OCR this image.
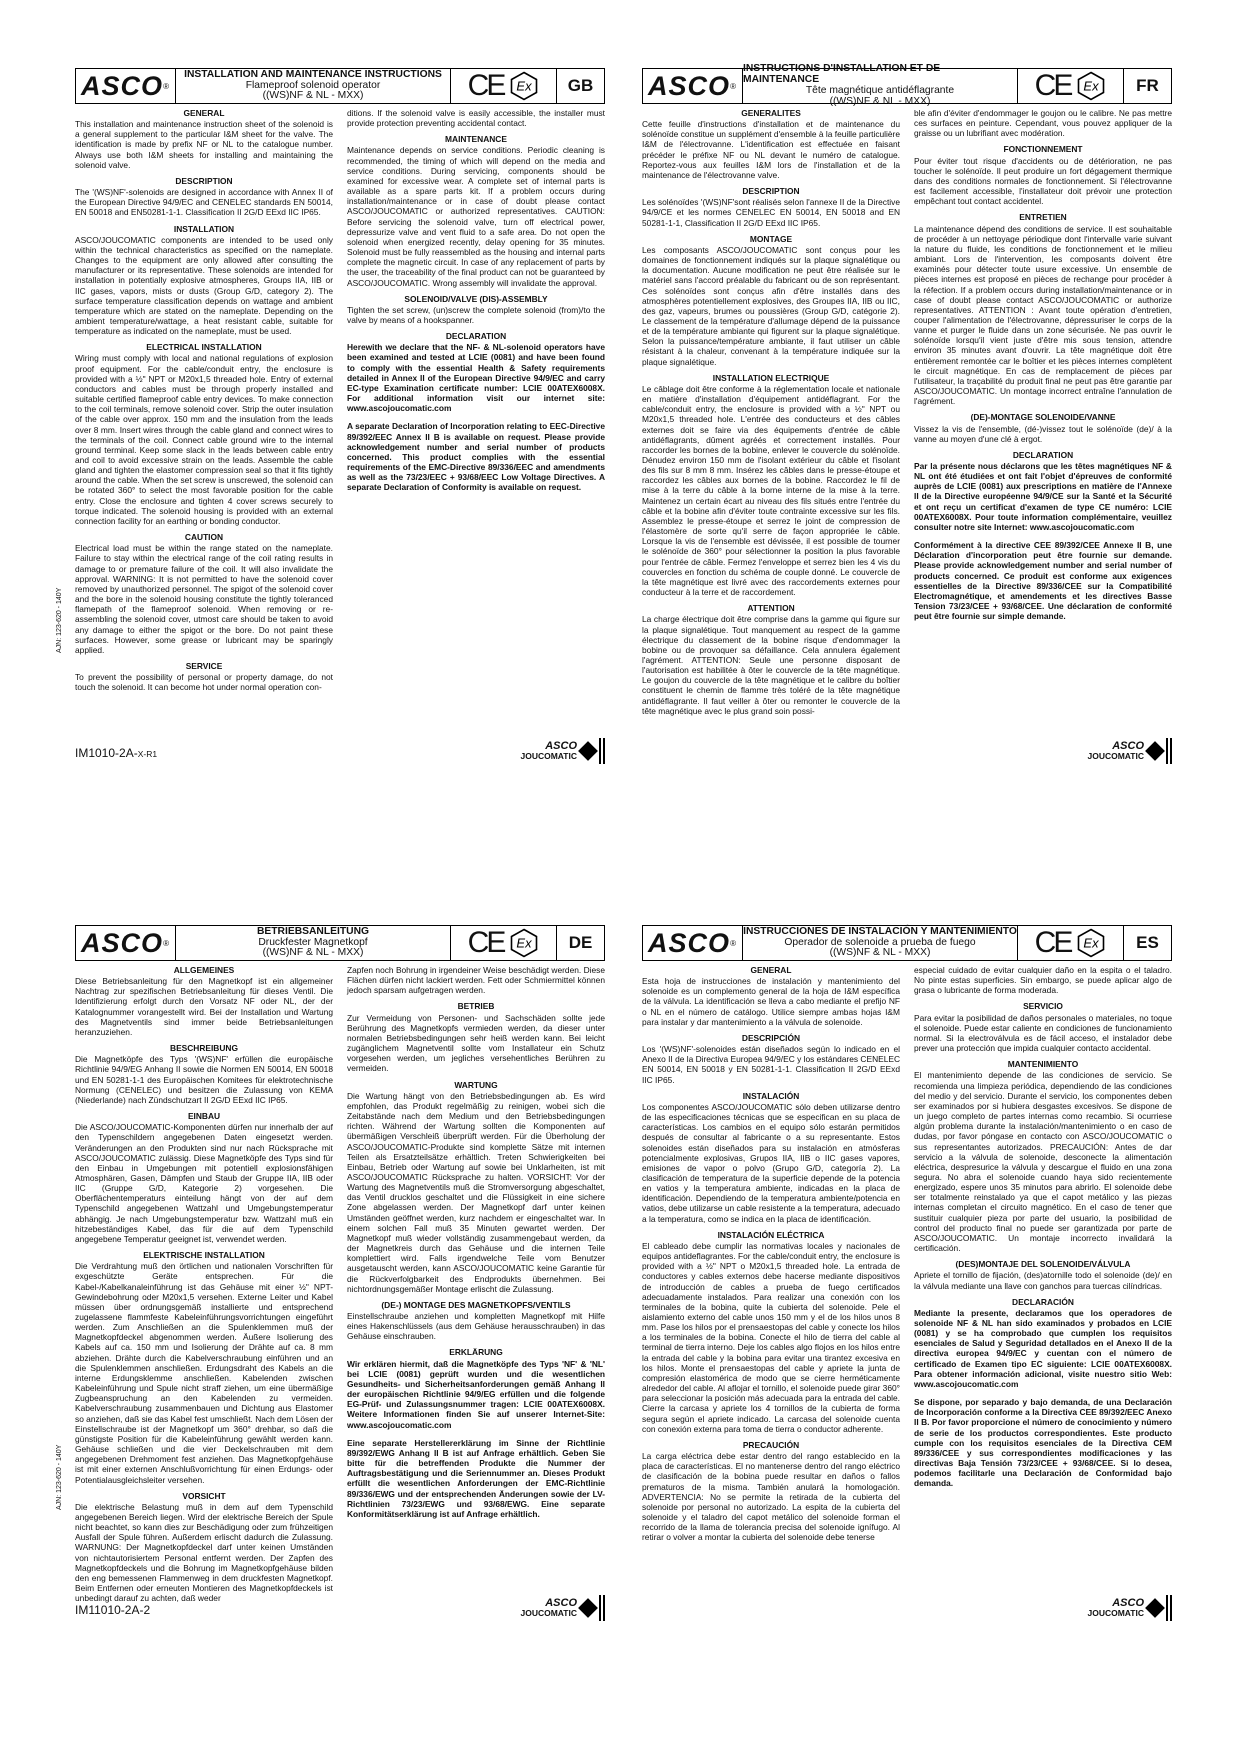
ASCO ®
INSTALLATION AND MAINTENANCE INSTRUCTIONS
Flameproof solenoid operator
((WS)NF & NL - MXX)	CE Ex	GB
GENERAL

This installation and maintenance instruction sheet of the solenoid is a general supplement to the particular I&M sheet for the valve. The identification is made by prefix NF or NL to the catalogue number. Always use both I&M sheets for installing and maintaining the solenoid valve.

DESCRIPTION

The '(WS)NF'-solenoids are designed in accordance with Annex II of the European Directive 94/9/EC and CENELEC standards EN 50014, EN 50018 and EN50281-1-1. Classification II 2G/D EExd IIC IP65.

INSTALLATION

ASCO/JOUCOMATIC components are intended to be used only within the technical characteristics as specified on the nameplate. Changes to the equipment are only allowed after consulting the manufacturer or its representative. These solenoids are intended for installation in potentially explosive atmospheres, Groups IIA, IIB or IIC gases, vapors, mists or dusts (Group G/D, category 2). The surface temperature classification depends on wattage and ambient temperature which are stated on the nameplate. Depending on the ambient temperature/wattage, a heat resistant cable, suitable for temperature as indicated on the nameplate, must be used.

ELECTRICAL INSTALLATION

Wiring must comply with local and national regulations of explosion proof equipment. For the cable/conduit entry, the enclosure is provided with a ½" NPT or M20x1,5 threaded hole. Entry of external conductors and cables must be through properly installed and suitable certified flameproof cable entry devices. To make connection to the coil terminals, remove solenoid cover. Strip the outer insulation of the cable over approx. 150 mm and the insulation from the leads over 8 mm. Insert wires through the cable gland and connect wires to the terminals of the coil. Connect cable ground wire to the internal ground terminal. Keep some slack in the leads between cable entry and coil to avoid excessive strain on the leads. Assemble the cable gland and tighten the elastomer compression seal so that it fits tightly around the cable. When the set screw is unscrewed, the solenoid can be rotated 360° to select the most favorable position for the cable entry. Close the enclosure and tighten 4 cover screws securely to torque indicated. The solenoid housing is provided with an external connection facility for an earthing or bonding conductor.

CAUTION

Electrical load must be within the range stated on the nameplate. Failure to stay within the electrical range of the coil rating results in damage to or premature failure of the coil. It will also invalidate the approval. WARNING: It is not permitted to have the solenoid cover removed by unauthorized personnel. The spigot of the solenoid cover and the bore in the solenoid housing constitute the tightly toleranced flamepath of the flameproof solenoid. When removing or re-assembling the solenoid cover, utmost care should be taken to avoid any damage to either the spigot or the bore. Do not paint these surfaces. However, some grease or lubricant may be sparingly applied.

SERVICE

To prevent the possibility of personal or property damage, do not touch the solenoid. It can become hot under normal operation con-

ditions. If the solenoid valve is easily accessible, the installer must provide protection preventing accidental contact.

MAINTENANCE

Maintenance depends on service conditions. Periodic cleaning is recommended, the timing of which will depend on the media and service conditions. During servicing, components should be examined for excessive wear. A complete set of internal parts is available as a spare parts kit. If a problem occurs during installation/maintenance or in case of doubt please contact ASCO/JOUCOMATIC or authorized representatives. CAUTION: Before servicing the solenoid valve, turn off electrical power, depressurize valve and vent fluid to a safe area. Do not open the solenoid when energized recently, delay opening for 35 minutes. Solenoid must be fully reassembled as the housing and internal parts complete the magnetic circuit. In case of any replacement of parts by the user, the traceability of the final product can not be guaranteed by ASCO/JOUCOMATIC. Wrong assembly will invalidate the approval.

SOLENOID/VALVE (DIS)-ASSEMBLY

Tighten the set screw, (un)screw the complete solenoid (from)/to the valve by means of a hookspanner.

DECLARATION

Herewith we declare that the NF- & NL-solenoid operators have been examined and tested at LCIE (0081) and have been found to comply with the essential Health & Safety requirements detailed in Annex II of the European Directive 94/9/EC and carry EC-type Examination certificate number: LCIE 00ATEX6008X. For additional information visit our internet site: www.ascojoucomatic.com

A separate Declaration of Incorporation relating to EEC-Directive 89/392/EEC Annex II B is available on request. Please provide acknowledgement number and serial number of products concerned. This product complies with the essential requirements of the EMC-Directive 89/336/EEC and amendments as well as the 73/23/EEC + 93/68/EEC Low Voltage Directives. A separate Declaration of Conformity is available on request.

AJN: 123-620 - 140Y
IM1010-2A-X-R1
ASCO
JOUCOMATIC
ASCO ®
INSTRUCTIONS D'INSTALLATION ET DE MAINTENANCE
Tête magnétique antidéflagrante
((WS)NF & NL - MXX)	CE Ex	FR
GENERALITES

Cette feuille d'instructions d'installation et de maintenance du solénoïde constitue un supplément d'ensemble à la feuille particulière I&M de l'électrovanne. L'identification est effectuée en faisant précéder le préfixe NF ou NL devant le numéro de catalogue. Reportez-vous aux feuilles I&M lors de l'installation et de la maintenance de l'électrovanne valve.

DESCRIPTION

Les solénoïdes '(WS)NF'sont réalisés selon l'annexe II de la Directive 94/9/CE et les normes CENELEC EN 50014, EN 50018 and EN 50281-1-1, Classification II 2G/D EExd IIC IP65.

MONTAGE

Les composants ASCO/JOUCOMATIC sont conçus pour les domaines de fonctionnement indiqués sur la plaque signalétique ou la documentation. Aucune modification ne peut être réalisée sur le matériel sans l'accord préalable du fabricant ou de son représentant. Ces solénoïdes sont conçus afin d'être installés dans des atmosphères potentiellement explosives, des Groupes IIA, IIB ou IIC, des gaz, vapeurs, brumes ou poussières (Group G/D, catégorie 2). Le classement de la température d'allumage dépend de la puissance et de la température ambiante qui figurent sur la plaque signalétique. Selon la puissance/température ambiante, il faut utiliser un câble résistant à la chaleur, convenant à la température indiquée sur la plaque signalétique.

INSTALLATION ELECTRIQUE

Le câblage doit être conforme à la réglementation locale et nationale en matière d'installation d'équipement antidéflagrant. For the cable/conduit entry, the enclosure is provided with a ½" NPT ou M20x1,5 threaded hole. L'entrée des conducteurs et des câbles externes doit se faire via des équipements d'entrée de câble antidéflagrants, dûment agréés et correctement installés. Pour raccorder les bornes de la bobine, enlever le couvercle du solénoïde. Dénudez environ 150 mm de l'isolant extérieur du câble et l'isolant des fils sur 8 mm 8 mm. Insérez les câbles dans le presse-étoupe et raccordez les câbles aux bornes de la bobine. Raccordez le fil de mise à la terre du câble à la borne interne de la mise à la terre. Maintenez un certain écart au niveau des fils situés entre l'entrée du câble et la bobine afin d'éviter toute contrainte excessive sur les fils. Assemblez le presse-étoupe et serrez le joint de compression de l'élastomère de sorte qu'il serre de façon appropriée le câble. Lorsque la vis de l'ensemble est dévissée, il est possible de tourner le solénoïde de 360° pour sélectionner la position la plus favorable pour l'entrée de câble. Fermez l'enveloppe et serrez bien les 4 vis du couvercles en fonction du schéma de couple donné. Le couvercle de la tête magnétique est livré avec des raccordements externes pour conducteur à la terre et de raccordement.

ATTENTION

La charge électrique doit être comprise dans la gamme qui figure sur la plaque signalétique. Tout manquement au respect de la gamme électrique du classement de la bobine risque d'endommager la bobine ou de provoquer sa défaillance. Cela annulera également l'agrément. ATTENTION: Seule une personne disposant de l'autorisation est habilitée à ôter le couvercle de la tête magnétique. Le goujon du couvercle de la tête magnétique et le calibre du boîtier constituent le chemin de flamme très toléré de la tête magnétique antidéflagrante. Il faut veiller à ôter ou remonter le couvercle de la tête magnétique avec le plus grand soin possi-

ble afin d'éviter d'endommager le goujon ou le calibre. Ne pas mettre ces surfaces en peinture. Cependant, vous pouvez appliquer de la graisse ou un lubrifiant avec modération.

FONCTIONNEMENT

Pour éviter tout risque d'accidents ou de détérioration, ne pas toucher le solénoïde. Il peut produire un fort dégagement thermique dans des conditions normales de fonctionnement. Si l'électrovanne est facilement accessible, l'installateur doit prévoir une protection empêchant tout contact accidentel.

ENTRETIEN

La maintenance dépend des conditions de service. Il est souhaitable de procéder à un nettoyage périodique dont l'intervalle varie suivant la nature du fluide, les conditions de fonctionnement et le milieu ambiant. Lors de l'intervention, les composants doivent être examinés pour détecter toute usure excessive. Un ensemble de pièces internes est proposé en pièces de rechange pour procéder à la réfection. If a problem occurs during installation/maintenance or in case of doubt please contact ASCO/JOUCOMATIC or authorize representatives. ATTENTION : Avant toute opération d'entretien, couper l'alimentation de l'électrovanne, dépressuriser le corps de la vanne et purger le fluide dans un zone sécurisée. Ne pas ouvrir le solénoïde lorsqu'il vient juste d'être mis sous tension, attendre environ 35 minutes avant d'ouvrir. La tête magnétique doit être entièrement remontée car le boîtier et les pièces internes complètent le circuit magnétique. En cas de remplacement de pièces par l'utilisateur, la traçabilité du produit final ne peut pas être garantie par ASCO/JOUCOMATIC. Un montage incorrect entraîne l'annulation de l'agrément.

(DE)-MONTAGE SOLENOIDE/VANNE

Vissez la vis de l'ensemble, (dé-)vissez tout le solénoïde (de)/ à la vanne au moyen d'une clé à ergot.

DECLARATION

Par la présente nous déclarons que les têtes magnétiques NF & NL ont été étudiées et ont fait l'objet d'épreuves de conformité auprès de LCIE (0081) aux prescriptions en matière de l'Annexe II de la Directive européenne 94/9/CE sur la Santé et la Sécurité et ont reçu un certificat d'examen de type CE numéro: LCIE 00ATEX6008X. Pour toute information complémentaire, veuillez consulter notre site Internet: www.ascojoucomatic.com

Conformément à la directive CEE 89/392/CEE Annexe II B, une Déclaration d'incorporation peut être fournie sur demande. Please provide acknowledgement number and serial number of products concerned. Ce produit est conforme aux exigences essentielles de la Directive 89/336/CEE sur la Compatibilité Electromagnétique, et amendements et les directives Basse Tension 73/23/CEE + 93/68/CEE. Une déclaration de conformité peut être fournie sur simple demande.

ASCO
JOUCOMATIC
ASCO ®
BETRIEBSANLEITUNG
Druckfester Magnetkopf
((WS)NF & NL - MXX)	CE Ex	DE
ALLGEMEINES

Diese Betriebsanleitung für den Magnetkopf ist ein allgemeiner Nachtrag zur spezifischen Betriebsanleitung für dieses Ventil. Die Identifizierung erfolgt durch den Vorsatz NF oder NL, der der Katalognummer vorangestellt wird. Bei der Installation und Wartung des Magnetventils sind immer beide Betriebsanleitungen heranzuziehen.

BESCHREIBUNG

Die Magnetköpfe des Typs '(WS)NF' erfüllen die europäische Richtlinie 94/9/EG Anhang II sowie die Normen EN 50014, EN 50018 und EN 50281-1-1 des Europäischen Komitees für elektrotechnische Normung (CENELEC) und besitzen die Zulassung von KEMA (Niederlande) nach Zündschutzart II 2G/D EExd IIC IP65.

EINBAU

Die ASCO/JOUCOMATIC-Komponenten dürfen nur innerhalb der auf den Typenschildern angegebenen Daten eingesetzt werden. Veränderungen an den Produkten sind nur nach Rücksprache mit ASCO/JOUCOMATIC zulässig. Diese Magnetköpfe des Typs sind für den Einbau in Umgebungen mit potentiell explosionsfähigen Atmosphären, Gasen, Dämpfen und Staub der Gruppe IIA, IIB oder IIC (Gruppe G/D, Kategorie 2) vorgesehen. Die Oberflächentemperaturs einteilung hängt von der auf dem Typenschild angegebenen Wattzahl und Umgebungstemperatur abhängig. Je nach Umgebungstemperatur bzw. Wattzahl muß ein hitzebeständiges Kabel, das für die auf dem Typenschild angegebene Temperatur geeignet ist, verwendet werden.

ELEKTRISCHE INSTALLATION

Die Verdrahtung muß den örtlichen und nationalen Vorschriften für exgeschützte Geräte entsprechen. Für die Kabel-/Kabelkanaleinführung ist das Gehäuse mit einer ½" NPT-Gewindebohrung oder M20x1,5 versehen. Externe Leiter und Kabel müssen über ordnungsgemäß installierte und entsprechend zugelassene flammfeste Kabeleinführungsvorrichtungen eingeführt werden. Zum Anschließen an die Spulenklemmen muß der Magnetkopfdeckel abgenommen werden. Äußere Isolierung des Kabels auf ca. 150 mm und Isolierung der Drähte auf ca. 8 mm abziehen. Drähte durch die Kabelverschraubung einführen und an die Spulenklemmen anschließen. Erdungsdraht des Kabels an die interne Erdungsklemme anschließen. Kabelenden zwischen Kabeleinführung und Spule nicht straff ziehen, um eine übermäßige Zugbeanspruchung an den Kabelenden zu vermeiden. Kabelverschraubung zusammenbauen und Dichtung aus Elastomer so anziehen, daß sie das Kabel fest umschließt. Nach dem Lösen der Einstellschraube ist der Magnetkopf um 360° drehbar, so daß die günstigste Position für die Kabeleinführung gewählt werden kann. Gehäuse schließen und die vier Deckelschrauben mit dem angegebenen Drehmoment fest anziehen. Das Magnetkopfgehäuse ist mit einer externen Anschlußvorrichtung für einen Erdungs- oder Potentialausgleichsleiter versehen.

VORSICHT

Die elektrische Belastung muß in dem auf dem Typenschild angegebenen Bereich liegen. Wird der elektrische Bereich der Spule nicht beachtet, so kann dies zur Beschädigung oder zum frühzeitigen Ausfall der Spule führen. Außerdem erlischt dadurch die Zulassung. WARNUNG: Der Magnetkopfdeckel darf unter keinen Umständen von nichtautorisiertem Personal entfernt werden. Der Zapfen des Magnetkopfdeckels und die Bohrung im Magnetkopfgehäuse bilden den eng bemessenen Flammenweg in dem druckfesten Magnetkopf. Beim Entfernen oder erneuten Montieren des Magnetkopfdeckels ist unbedingt darauf zu achten, daß weder

Zapfen noch Bohrung in irgendeiner Weise beschädigt werden. Diese Flächen dürfen nicht lackiert werden. Fett oder Schmiermittel können jedoch sparsam aufgetragen werden.

BETRIEB

Zur Vermeidung von Personen- und Sachschäden sollte jede Berührung des Magnetkopfs vermieden werden, da dieser unter normalen Betriebsbedingungen sehr heiß werden kann. Bei leicht zugänglichem Magnetventil sollte vom Installateur ein Schutz vorgesehen werden, um jegliches versehentliches Berühren zu vermeiden.

WARTUNG

Die Wartung hängt von den Betriebsbedingungen ab. Es wird empfohlen, das Produkt regelmäßig zu reinigen, wobei sich die Zeitabstände nach dem Medium und den Betriebsbedingungen richten. Während der Wartung sollten die Komponenten auf übermäßigen Verschleiß überprüft werden. Für die Überholung der ASCO/JOUCOMATIC-Produkte sind komplette Sätze mit internen Teilen als Ersatzteilsätze erhältlich. Treten Schwierigkeiten bei Einbau, Betrieb oder Wartung auf sowie bei Unklarheiten, ist mit ASCO/JOUCOMATIC Rücksprache zu halten. VORSICHT: Vor der Wartung des Magnetventils muß die Stromversorgung abgeschaltet, das Ventil drucklos geschaltet und die Flüssigkeit in eine sichere Zone abgelassen werden. Der Magnetkopf darf unter keinen Umständen geöffnet werden, kurz nachdem er eingeschaltet war. In einem solchen Fall muß 35 Minuten gewartet werden. Der Magnetkopf muß wieder vollständig zusammengebaut werden, da der Magnetkreis durch das Gehäuse und die internen Teile komplettiert wird. Falls irgendwelche Teile vom Benutzer ausgetauscht werden, kann ASCO/JOUCOMATIC keine Garantie für die Rückverfolgbarkeit des Endprodukts übernehmen. Bei nichtordnungsgemäßer Montage erlischt die Zulassung.

(DE-) MONTAGE DES MAGNETKOPFS/VENTILS

Einstellschraube anziehen und kompletten Magnetkopf mit Hilfe eines Hakenschlüssels (aus dem Gehäuse herausschrauben) in das Gehäuse einschrauben.

ERKLÄRUNG

Wir erklären hiermit, daß die Magnetköpfe des Typs 'NF' & 'NL' bei LCIE (0081) geprüft wurden und die wesentlichen Gesundheits- und Sicherheitsanforderungen gemäß Anhang II der europäischen Richtlinie 94/9/EG erfüllen und die folgende EG-Prüf- und Zulassungsnummer tragen: LCIE 00ATEX6008X. Weitere Informationen finden Sie auf unserer Internet-Site: www.ascojoucomatic.com

Eine separate Herstellererklärung im Sinne der Richtlinie 89/392/EWG Anhang II B ist auf Anfrage erhältlich. Geben Sie bitte für die betreffenden Produkte die Nummer der Auftragsbestätigung und die Seriennummer an. Dieses Produkt erfüllt die wesentlichen Anforderungen der EMC-Richtlinie 89/336/EWG und der entsprechenden Änderungen sowie der LV-Richtlinien 73/23/EWG und 93/68/EWG. Eine separate Konformitätserklärung ist auf Anfrage erhältlich.

AJN: 123-620 - 140Y
IM11010-2A-2	ASCO
JOUCOMATIC
ASCO ®
INSTRUCCIONES DE INSTALACIÓN Y MANTENIMIENTO
Operador de solenoide a prueba de fuego
((WS)NF & NL - MXX)	CE Ex	ES
GENERAL

Esta hoja de instrucciones de instalación y mantenimiento del solenoide es un complemento general de la hoja de I&M específica de la válvula. La identificación se lleva a cabo mediante el prefijo NF o NL en el número de catálogo. Utilice siempre ambas hojas I&M para instalar y dar mantenimiento a la válvula de solenoide.

DESCRIPCIÓN

Los '(WS)NF'-solenoides están diseñados según lo indicado en el Anexo II de la Directiva Europea 94/9/EC y los estándares CENELEC EN 50014, EN 50018 y EN 50281-1-1. Classification II 2G/D EExd IIC IP65.

INSTALACIÓN

Los componentes ASCO/JOUCOMATIC sólo deben utilizarse dentro de las especificaciones técnicas que se especifican en su placa de características. Los cambios en el equipo sólo estarán permitidos después de consultar al fabricante o a su representante. Estos solenoides están diseñados para su instalación en atmósferas potencialmente explosivas, Grupos IIA, IIB o IIC gases vapores, emisiones de vapor o polvo (Grupo G/D, categoría 2). La clasificación de temperatura de la superficie depende de la potencia en vatios y la temperatura ambiente, indicadas en la placa de identificación. Dependiendo de la temperatura ambiente/potencia en vatios, debe utilizarse un cable resistente a la temperatura, adecuado a la temperatura, como se indica en la placa de identificación.

INSTALACIÓN ELÉCTRICA

El cableado debe cumplir las normativas locales y nacionales de equipos antideflagrantes. For the cable/conduit entry, the enclosure is provided with a ½" NPT o M20x1,5 threaded hole. La entrada de conductores y cables externos debe hacerse mediante dispositivos de introducción de cables a prueba de fuego certificados adecuadamente instalados. Para realizar una conexión con los terminales de la bobina, quite la cubierta del solenoide. Pele el aislamiento externo del cable unos 150 mm y el de los hilos unos 8 mm. Pase los hilos por el prensaestopas del cable y conecte los hilos a los terminales de la bobina. Conecte el hilo de tierra del cable al terminal de tierra interno. Deje los cables algo flojos en los hilos entre la entrada del cable y la bobina para evitar una tirantez excesiva en los hilos. Monte el prensaestopas del cable y apriete la junta de compresión elastomérica de modo que se cierre herméticamente alrededor del cable. Al aflojar el tornillo, el solenoide puede girar 360° para seleccionar la posición más adecuada para la entrada del cable. Cierre la carcasa y apriete los 4 tornillos de la cubierta de forma segura según el apriete indicado. La carcasa del solenoide cuenta con conexión externa para toma de tierra o conductor adherente.

PRECAUCIÓN

La carga eléctrica debe estar dentro del rango establecido en la placa de características. El no mantenerse dentro del rango eléctrico de clasificación de la bobina puede resultar en daños o fallos prematuros de la misma. También anulará la homologación. ADVERTENCIA: No se permite la retirada de la cubierta del solenoide por personal no autorizado. La espita de la cubierta del solenoide y el taladro del capot metálico del solenoide forman el recorrido de la llama de tolerancia precisa del solenoide ignífugo. Al retirar o volver a montar la cubierta del solenoide debe tenerse

especial cuidado de evitar cualquier daño en la espita o el taladro. No pinte estas superficies. Sin embargo, se puede aplicar algo de grasa o lubricante de forma moderada.

SERVICIO

Para evitar la posibilidad de daños personales o materiales, no toque el solenoide. Puede estar caliente en condiciones de funcionamiento normal. Si la electroválvula es de fácil acceso, el instalador debe prever una protección que impida cualquier contacto accidental.

MANTENIMIENTO

El mantenimiento depende de las condiciones de servicio. Se recomienda una limpieza periódica, dependiendo de las condiciones del medio y del servicio. Durante el servicio, los componentes deben ser examinados por si hubiera desgastes excesivos. Se dispone de un juego completo de partes internas como recambio. Si ocurriese algún problema durante la instalación/mantenimiento o en caso de dudas, por favor póngase en contacto con ASCO/JOUCOMATIC o sus representantes autorizados. PRECAUCIÓN: Antes de dar servicio a la válvula de solenoide, desconecte la alimentación eléctrica, despresurice la válvula y descargue el fluido en una zona segura. No abra el solenoide cuando haya sido recientemente energizado, espere unos 35 minutos para abrirlo. El solenoide debe ser totalmente reinstalado ya que el capot metálico y las piezas internas completan el circuito magnético. En el caso de tener que sustituir cualquier pieza por parte del usuario, la posibilidad de control del producto final no puede ser garantizada por parte de ASCO/JOUCOMATIC. Un montaje incorrecto invalidará la certificación.

(DES)MONTAJE DEL SOLENOIDE/VÁLVULA

Apriete el tornillo de fijación, (des)atornille todo el solenoide (de)/ en la válvula mediante una llave con ganchos para tuercas cilíndricas.

DECLARACIÓN

Mediante la presente, declaramos que los operadores de solenoide NF & NL han sido examinados y probados en LCIE (0081) y se ha comprobado que cumplen los requisitos esenciales de Salud y Seguridad detallados en el Anexo II de la directiva europea 94/9/EC y cuentan con el número de certificado de Examen tipo EC siguiente: LCIE 00ATEX6008X. Para obtener información adicional, visite nuestro sitio Web: www.ascojoucomatic.com

Se dispone, por separado y bajo demanda, de una Declaración de Incorporación conforme a la Directiva CEE 89/392/EEC Anexo II B. Por favor proporcione el número de conocimiento y número de serie de los productos correspondientes. Este producto cumple con los requisitos esenciales de la Directiva CEM 89/336/CEE y sus correspondientes modificaciones y las directivas Baja Tensión 73/23/CEE + 93/68/CEE. Si lo desea, podemos facilitarle una Declaración de Conformidad bajo demanda.

ASCO
JOUCOMATIC
